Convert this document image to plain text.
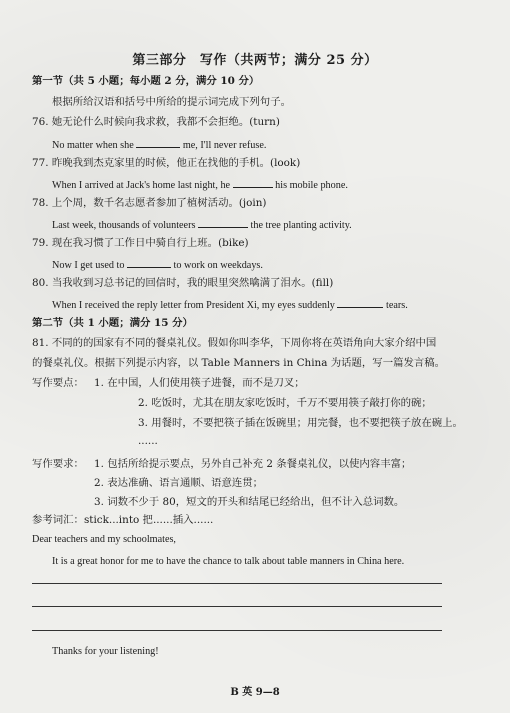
第三部分　写作（共两节；满分 25 分）
第一节（共 5 小题；每小题 2 分，满分 10 分）
根据所给汉语和括号中所给的提示词完成下列句子。
76. 她无论什么时候向我求救，我都不会拒绝。(turn)
No matter when she	me, I'll never refuse.
77. 昨晚我到杰克家里的时候，他正在找他的手机。(look)
When I arrived at Jack's home last night, he	his mobile phone.
78. 上个周，数千名志愿者参加了植树活动。(join)
Last week, thousands of volunteers	the tree planting activity.
79. 现在我习惯了工作日中骑自行上班。(bike)
Now I get used to	to work on weekdays.
80. 当我收到习总书记的回信时，我的眼里突然噙满了泪水。(fill)
When I received the reply letter from President Xi, my eyes suddenly	tears.
第二节（共 1 小题；满分 15 分）
81. 不同的的国家有不同的餐桌礼仪。假如你叫李华，下周你将在英语角向大家介绍中国
的餐桌礼仪。根据下列提示内容，以 Table Manners in China 为话题，写一篇发言稿。
写作要点： 1. 在中国，人们使用筷子进餐，而不是刀叉；
2. 吃饭时，尤其在朋友家吃饭时，千万不要用筷子敲打你的碗；
3. 用餐时，不要把筷子插在饭碗里；用完餐，也不要把筷子放在碗上。
......
写作要求： 1. 包括所给提示要点，另外自己补充 2 条餐桌礼仪，以使内容丰富；
2. 表达准确、语言通顺、语意连贯；
3. 词数不少于 80，短文的开头和结尾已经给出，但不计入总词数。
参考词汇：stick...into 把......插入......
Dear teachers and my schoolmates,
It is a great honor for me to have the chance to talk about table manners in China here.
Thanks for your listening!
B 英 9—8
